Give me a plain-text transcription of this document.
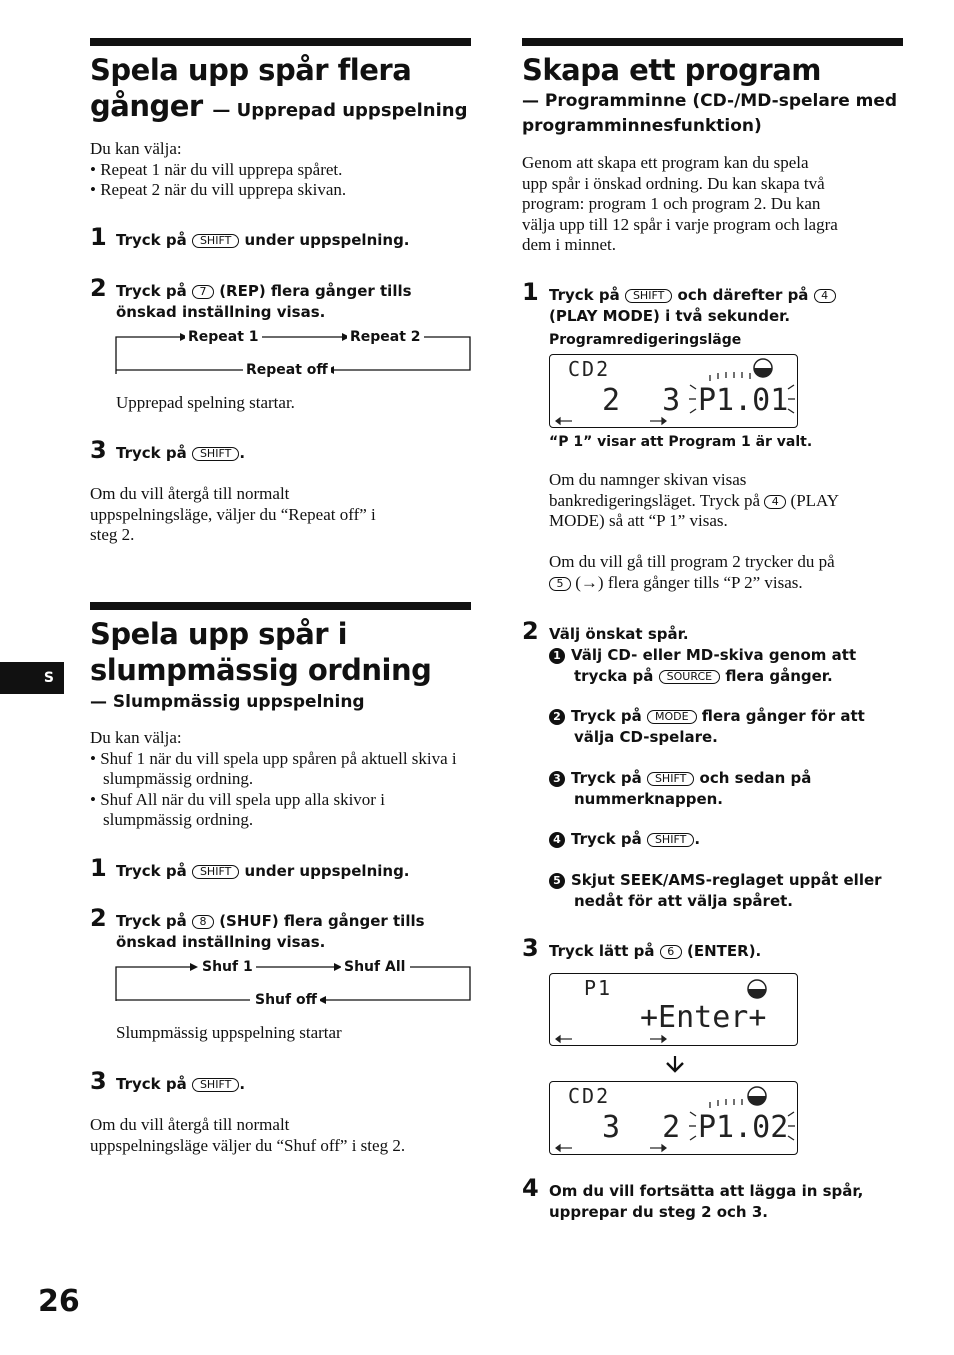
Spela upp spår flera
gånger — Upprepad uppspelning
Du kan välja:
• Repeat 1 när du vill upprepa spåret.
• Repeat 2 när du vill upprepa skivan.
1 Tryck på SHIFT under uppspelning.
2 Tryck på 7 (REP) flera gånger tills
önskad inställning visas.
Repeat 1	Repeat 2
Repeat off
Upprepad spelning startar.
3 Tryck på SHIFT .
Om du vill återgå till normalt
uppspelningsläge, väljer du “Repeat off” i
steg 2.
Spela upp spår i
slumpmässig ordning
— Slumpmässig uppspelning
Du kan välja:
• Shuf 1 när du vill spela upp spåren på aktuell skiva i slumpmässig ordning.
• Shuf All när du vill spela upp alla skivor i slumpmässig ordning.
1 Tryck på SHIFT under uppspelning.
2 Tryck på 8 (SHUF) flera gånger tills
önskad inställning visas.
Shuf 1	Shuf All
Shuf off
Slumpmässig uppspelning startar
3 Tryck på SHIFT .
Om du vill återgå till normalt
uppspelningsläge väljer du “Shuf off” i steg 2.
Skapa ett program
— Programminne (CD-/MD-spelare med
programminnesfunktion)
Genom att skapa ett program kan du spela
upp spår i önskad ordning. Du kan skapa två
program: program 1 och program 2. Du kan
välja upp till 12 spår i varje program och lagra
dem i minnet.
1 Tryck på SHIFT och därefter på 4
(PLAY MODE) i två sekunder.
Programredigeringsläge
CD2
2  3 P1.01
“P 1” visar att Program 1 är valt.
Om du namnger skivan visas
bankredigeringsläget. Tryck på 4 (PLAY
MODE) så att “P 1” visas.
Om du vill gå till program 2 trycker du på
5 (→) flera gånger tills “P 2” visas.
2 Välj önskat spår.
1 Välj CD- eller MD-skiva genom att
trycka på SOURCE flera gånger.
2 Tryck på MODE flera gånger för att
välja CD-spelare.
3 Tryck på SHIFT och sedan på
nummerknappen.
4 Tryck på SHIFT .
5 Skjut SEEK/AMS-reglaget uppåt eller
nedåt för att välja spåret.
3 Tryck lätt på 6 (ENTER).
P1
+Enter+
CD2
3  2 P1.02
4 Om du vill fortsätta att lägga in spår,
upprepar du steg 2 och 3.
S
26
